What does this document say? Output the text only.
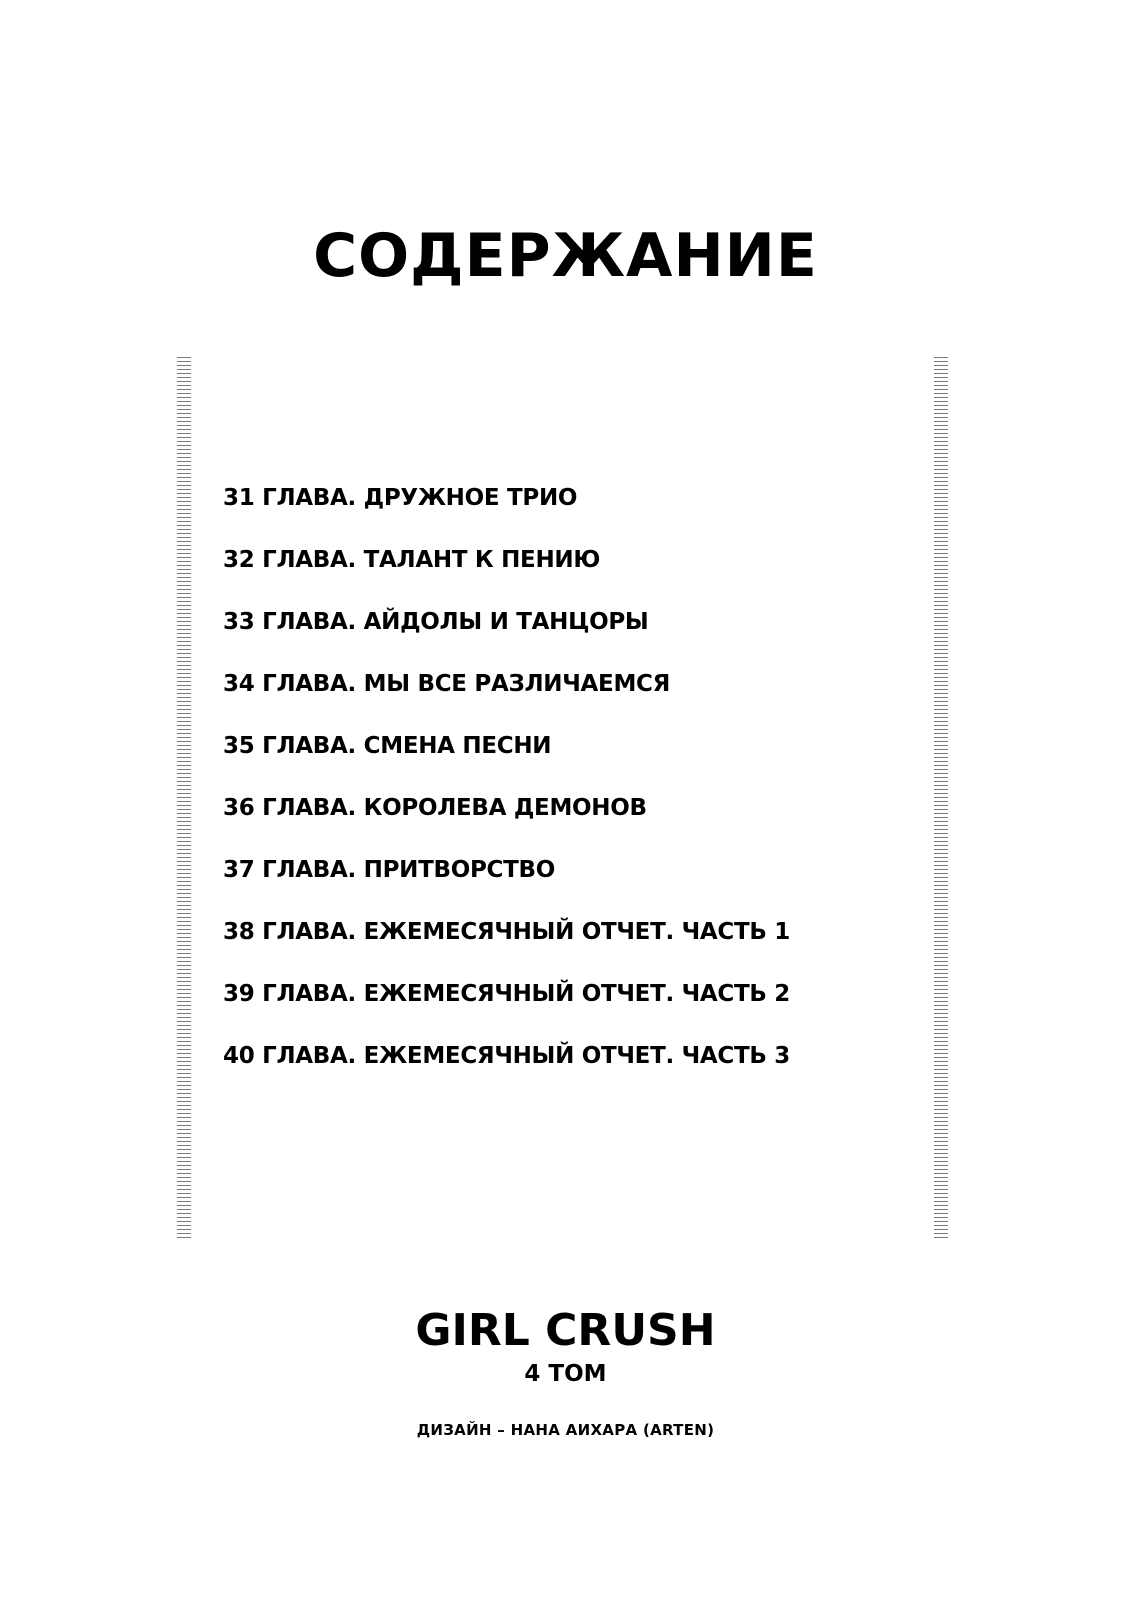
СОДЕРЖАНИЕ
31 ГЛАВА. ДРУЖНОЕ ТРИО
32 ГЛАВА. ТАЛАНТ К ПЕНИЮ
33 ГЛАВА. АЙДОЛЫ И ТАНЦОРЫ
34 ГЛАВА. МЫ ВСЕ РАЗЛИЧАЕМСЯ
35 ГЛАВА. СМЕНА ПЕСНИ
36 ГЛАВА. КОРОЛЕВА ДЕМОНОВ
37 ГЛАВА. ПРИТВОРСТВО
38 ГЛАВА. ЕЖЕМЕСЯЧНЫЙ ОТЧЕТ. ЧАСТЬ 1
39 ГЛАВА. ЕЖЕМЕСЯЧНЫЙ ОТЧЕТ. ЧАСТЬ 2
40 ГЛАВА. ЕЖЕМЕСЯЧНЫЙ ОТЧЕТ. ЧАСТЬ 3
GIRL CRUSH
4 ТОМ
ДИЗАЙН – НАНА АИХАРА (ARTEN)
